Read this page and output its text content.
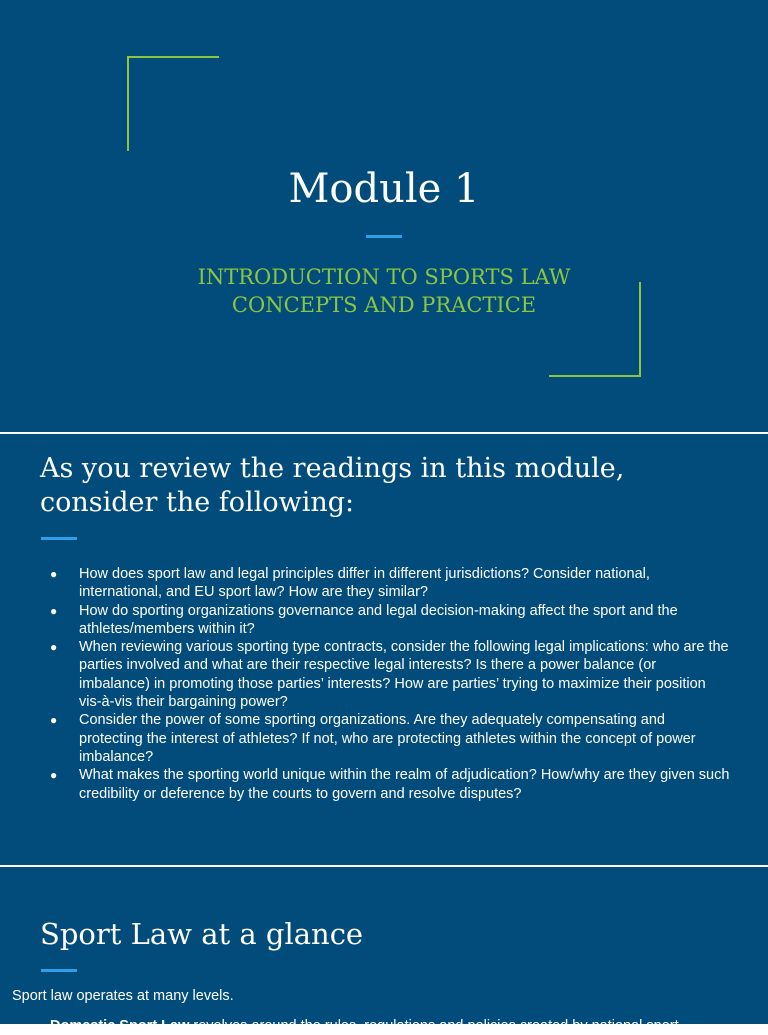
Module 1
INTRODUCTION TO SPORTS LAW CONCEPTS AND PRACTICE
As you review the readings in this module, consider the following:
● How does sport law and legal principles differ in different jurisdictions? Consider national, international, and EU sport law? How are they similar?
● How do sporting organizations governance and legal decision-making affect the sport and the athletes/members within it?
● When reviewing various sporting type contracts, consider the following legal implications: who are the parties involved and what are their respective legal interests? Is there a power balance (or imbalance) in promoting those parties’ interests? How are parties’ trying to maximize their position vis-à-vis their bargaining power?
● Consider the power of some sporting organizations. Are they adequately compensating and protecting the interest of athletes? If not, who are protecting athletes within the concept of power imbalance?
● What makes the sporting world unique within the realm of adjudication? How/why are they given such credibility or deference by the courts to govern and resolve disputes?
Sport Law at a glance
Sport law operates at many levels.
Domestic Sport Law revolves around the rules, regulations and policies created by national sport
